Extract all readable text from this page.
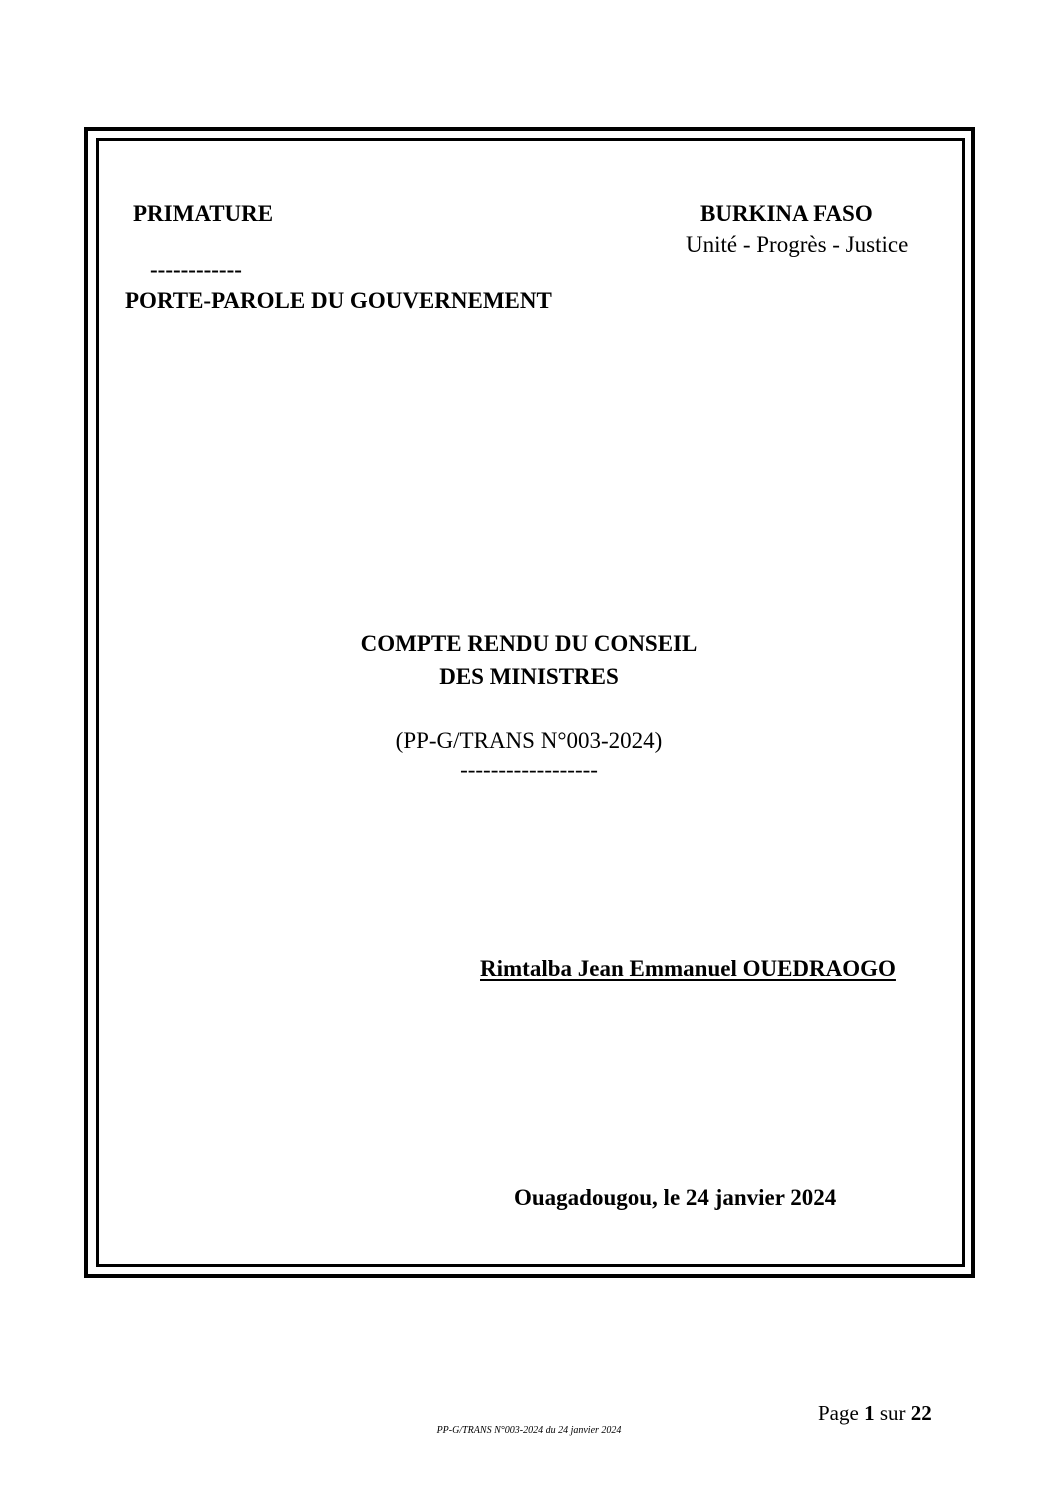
PRIMATURE
------------
PORTE-PAROLE DU GOUVERNEMENT
BURKINA FASO
Unité - Progrès - Justice
COMPTE RENDU DU CONSEIL
DES MINISTRES
(PP-G/TRANS N°003-2024)
------------------
Rimtalba Jean Emmanuel OUEDRAOGO
Ouagadougou, le 24 janvier 2024
Page 1 sur 22
PP-G/TRANS N°003-2024 du 24 janvier 2024
